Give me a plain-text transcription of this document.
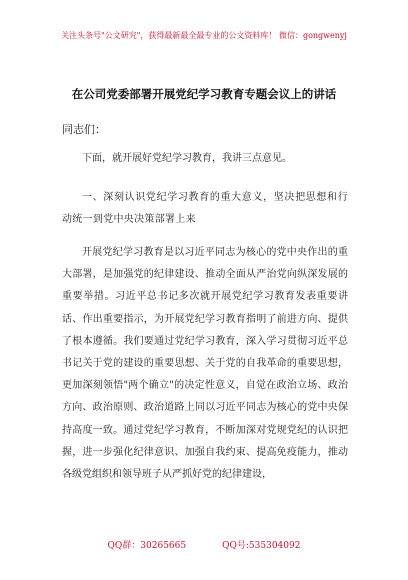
关注头条号"公文研究"，获得最新最全最专业的公文资料库！ 微信：gongwenyj
在公司党委部署开展党纪学习教育专题会议上的讲话
同志们：

下面，就开展好党纪学习教育，我讲三点意见。

一、深刻认识党纪学习教育的重大意义，坚决把思想和行动统一到党中央决策部署上来

开展党纪学习教育是以习近平同志为核心的党中央作出的重大部署，是加强党的纪律建设、推动全面从严治党向纵深发展的重要举措。习近平总书记多次就开展党纪学习教育发表重要讲话、作出重要指示，为开展党纪学习教育指明了前进方向、提供了根本遵循。我们要通过党纪学习教育，深入学习贯彻习近平总书记关于党的建设的重要思想、关于党的自我革命的重要思想，更加深刻领悟"两个确立"的决定性意义，自觉在政治立场、政治方向、政治原则、政治道路上同以习近平同志为核心的党中央保持高度一致。通过党纪学习教育，不断加深对党规党纪的认识把握，进一步强化纪律意识、加强自我约束、提高免疫能力，推动各级党组织和领导班子从严抓好党的纪律建设，

QQ群：30265665	QQ号:535304092
